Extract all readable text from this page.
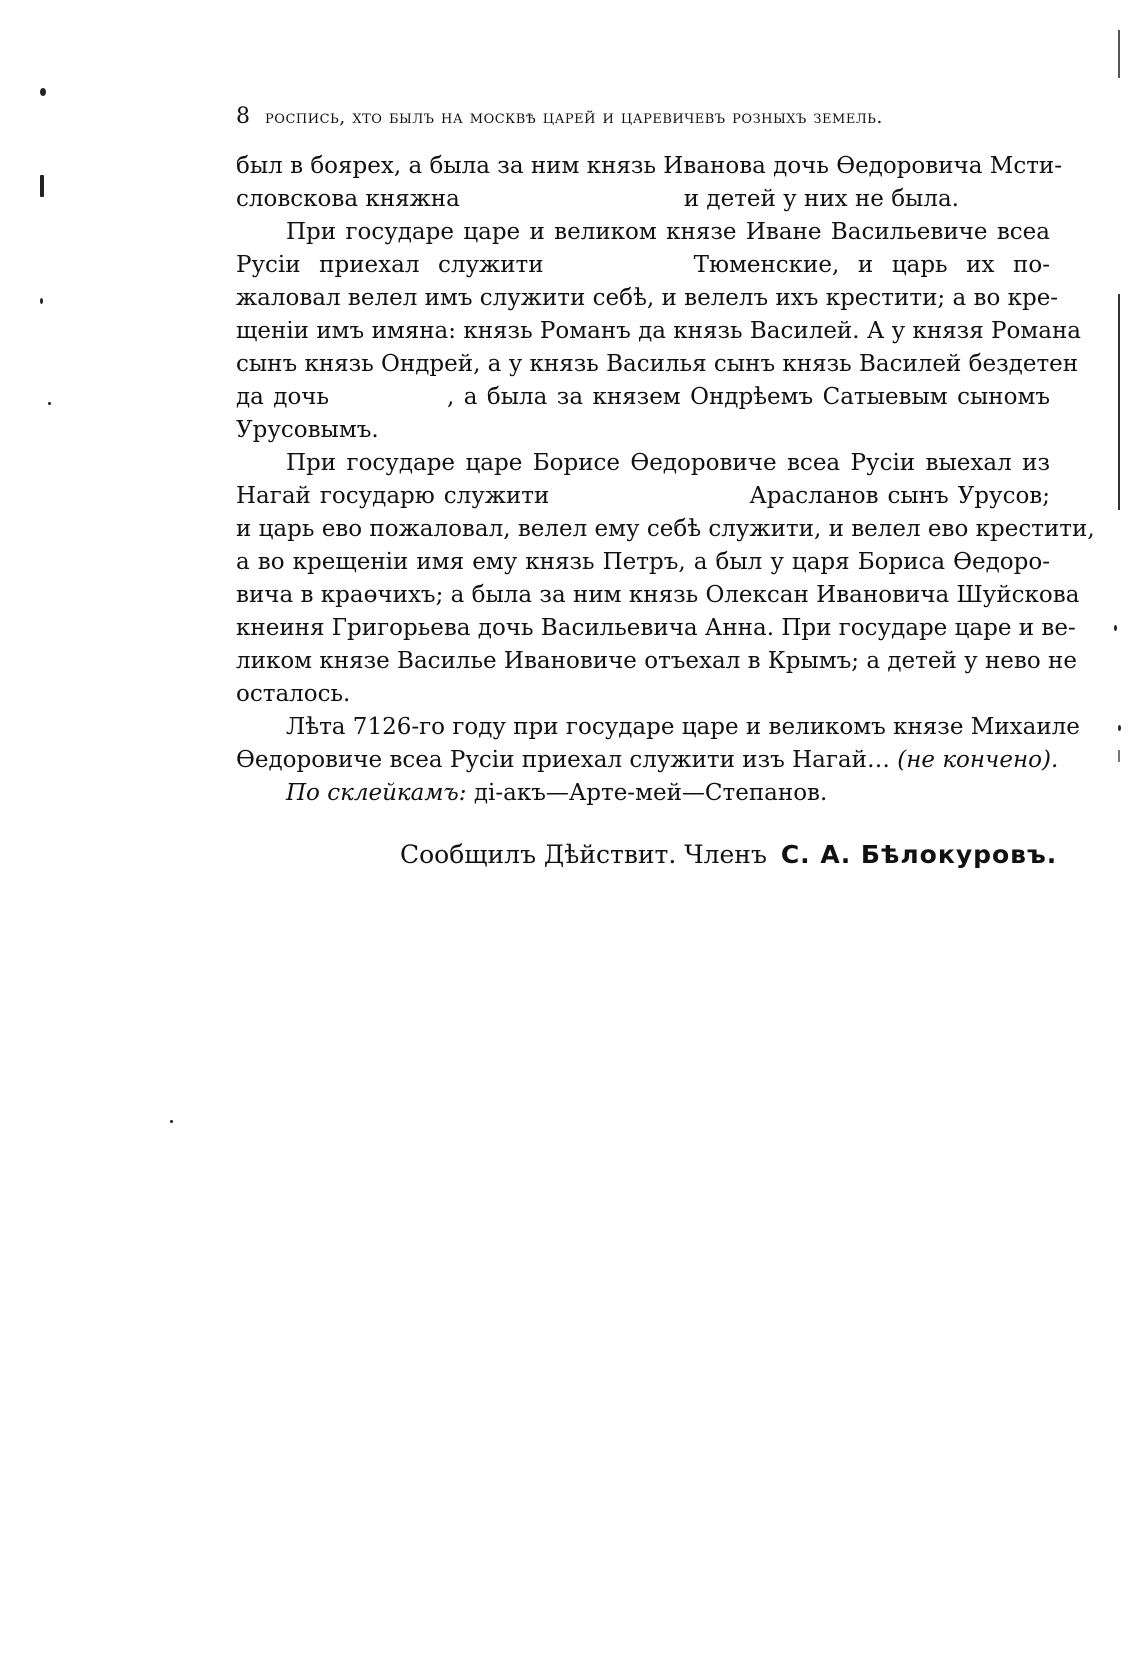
8 роспись, хто былъ на москвѣ царей и царевичевъ розныхъ земель.
был в боярех, а была за ним князь Иванова дочь Өедоровича Мсти-
словскова княжна	и детей у них не была.
При государе царе и великом князе Иване Васильевиче всеа
Русiи приехал служити	Тюменские, и царь их по-
жаловал велел имъ служити себѣ, и велелъ ихъ крестити; а во кре-
щенiи имъ имяна: князь Романъ да князь Василей. А у князя Романа
сынъ князь Ондрей, а у князь Василья сынъ князь Василей бездетен
да дочь	, а была за князем Ондрѣемъ Сатыевым сыномъ
Урусовымъ.
При государе царе Борисе Өедоровиче всеа Русiи выехал из
Нагай государю служити	Арасланов сынъ Урусов;
и царь ево пожаловал, велел ему себѣ служити, и велел ево крестити,
а во крещенiи имя ему князь Петръ, а был у царя Бориса Өедоро-
вича в краөчихъ; а была за ним князь Олексан Ивановича Шуйскова
кнеиня Григорьева дочь Васильевича Анна. При государе царе и ве-
ликом князе Василье Ивановиче отъехал в Крымъ; а детей у нево не
осталось.
Лѣта 7126-го году при государе царе и великомъ князе Михаиле
Өедоровиче всеа Русiи приехал служити изъ Нагай… (не кончено).
По склейкамъ: дi-акъ—Арте-мей—Степанов.
Сообщилъ Дѣйствит. Членъ С. А. Бѣлокуровъ.
